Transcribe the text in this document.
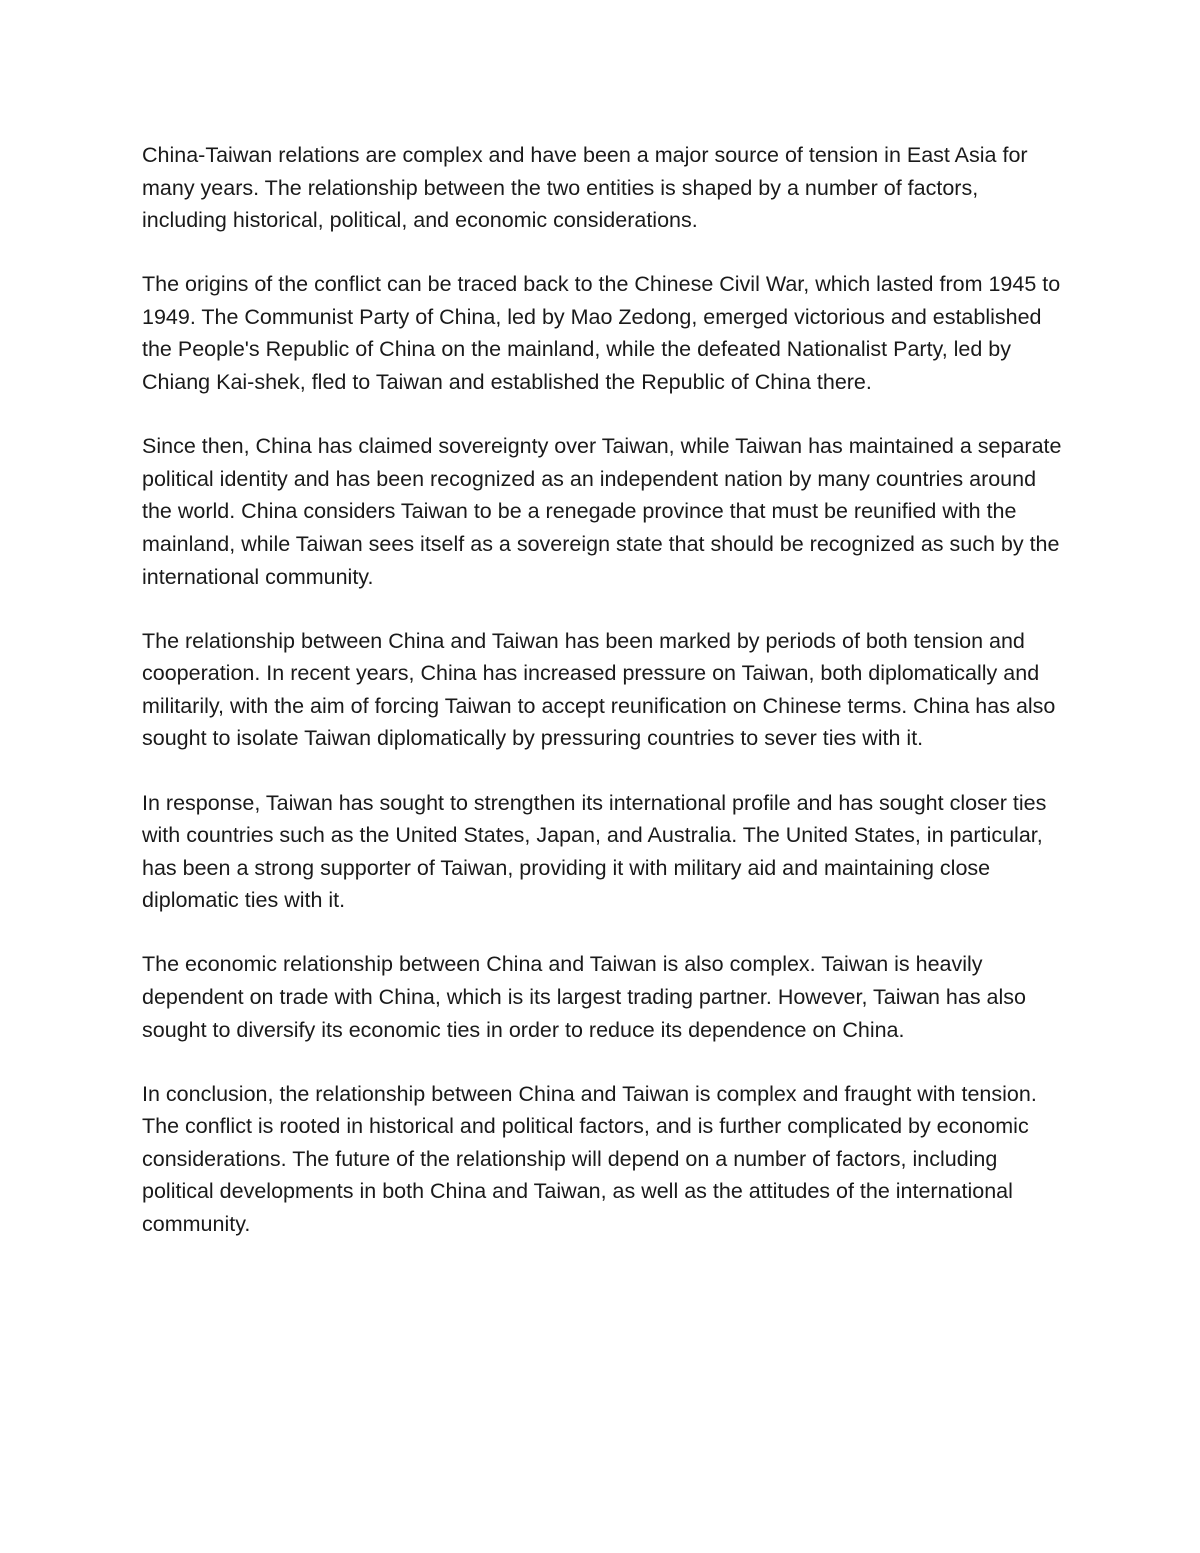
China-Taiwan relations are complex and have been a major source of tension in East Asia for many years. The relationship between the two entities is shaped by a number of factors, including historical, political, and economic considerations.

The origins of the conflict can be traced back to the Chinese Civil War, which lasted from 1945 to 1949. The Communist Party of China, led by Mao Zedong, emerged victorious and established the People's Republic of China on the mainland, while the defeated Nationalist Party, led by Chiang Kai-shek, fled to Taiwan and established the Republic of China there.

Since then, China has claimed sovereignty over Taiwan, while Taiwan has maintained a separate political identity and has been recognized as an independent nation by many countries around the world. China considers Taiwan to be a renegade province that must be reunified with the mainland, while Taiwan sees itself as a sovereign state that should be recognized as such by the international community.

The relationship between China and Taiwan has been marked by periods of both tension and cooperation. In recent years, China has increased pressure on Taiwan, both diplomatically and militarily, with the aim of forcing Taiwan to accept reunification on Chinese terms. China has also sought to isolate Taiwan diplomatically by pressuring countries to sever ties with it.

In response, Taiwan has sought to strengthen its international profile and has sought closer ties with countries such as the United States, Japan, and Australia. The United States, in particular, has been a strong supporter of Taiwan, providing it with military aid and maintaining close diplomatic ties with it.

The economic relationship between China and Taiwan is also complex. Taiwan is heavily dependent on trade with China, which is its largest trading partner. However, Taiwan has also sought to diversify its economic ties in order to reduce its dependence on China.

In conclusion, the relationship between China and Taiwan is complex and fraught with tension. The conflict is rooted in historical and political factors, and is further complicated by economic considerations. The future of the relationship will depend on a number of factors, including political developments in both China and Taiwan, as well as the attitudes of the international community.
